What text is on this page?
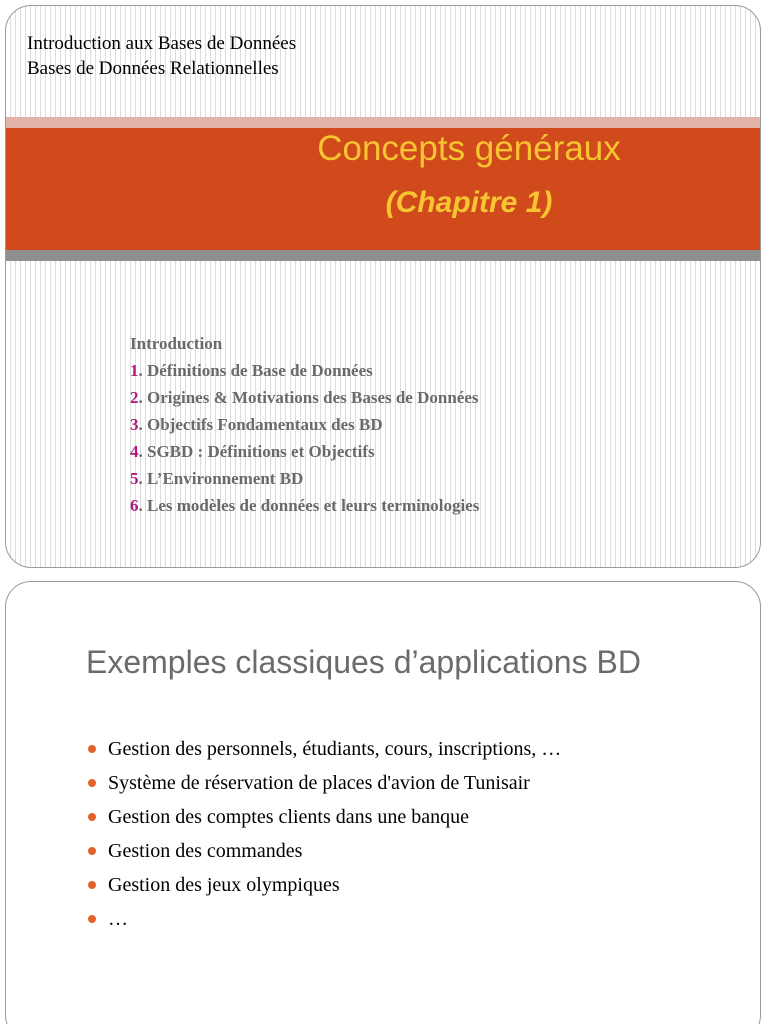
Introduction aux Bases de Données
Bases de Données Relationnelles
Concepts généraux
(Chapitre 1)
Introduction
1. Définitions de Base de Données
2. Origines & Motivations des Bases de Données
3. Objectifs Fondamentaux des BD
4. SGBD : Définitions et Objectifs
5. L’Environnement BD
6. Les modèles de données et leurs terminologies
Exemples classiques d’applications BD
Gestion des personnels, étudiants, cours, inscriptions, …
Système de réservation de places d'avion de Tunisair
Gestion des comptes clients dans une banque
Gestion des commandes
Gestion des jeux olympiques
…
